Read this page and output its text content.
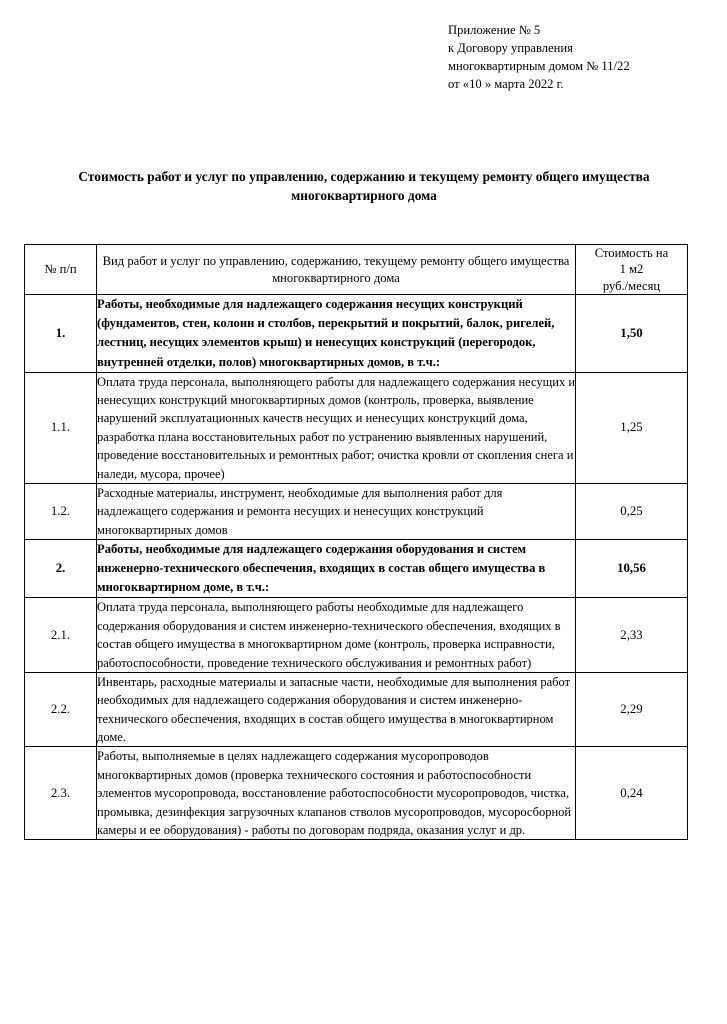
Приложение № 5
к Договору управления
многоквартирным домом № 11/22
от «10 » марта 2022 г.
Стоимость работ и услуг по управлению, содержанию и текущему ремонту общего имущества многоквартирного дома
№ п/п	Вид работ и услуг по управлению, содержанию, текущему ремонту общего имущества многоквартирного дома	Стоимость на
1 м2
руб./месяц

1.	Работы, необходимые для надлежащего содержания несущих конструкций (фундаментов, стен, колонн и столбов, перекрытий и покрытий, балок, ригелей, лестниц, несущих элементов крыш) и ненесущих конструкций (перегородок, внутренней отделки, полов) многоквартирных домов, в т.ч.:	1,50
1.1.	Оплата труда персонала, выполняющего работы для надлежащего содержания несущих и ненесущих конструкций многоквартирных домов (контроль, проверка, выявление нарушений эксплуатационных качеств несущих и ненесущих конструкций дома, разработка плана восстановительных работ по устранению выявленных нарушений, проведение восстановительных и ремонтных работ; очистка кровли от скопления снега и наледи, мусора, прочее)	1,25
1.2.	Расходные материалы, инструмент, необходимые для выполнения работ для надлежащего содержания и ремонта несущих и ненесущих конструкций многоквартирных домов	0,25
2.	Работы, необходимые для надлежащего содержания оборудования и систем инженерно-технического обеспечения, входящих в состав общего имущества в многоквартирном доме, в т.ч.:	10,56
2.1.	Оплата труда персонала, выполняющего работы необходимые для надлежащего содержания оборудования и систем инженерно-технического обеспечения, входящих в состав общего имущества в многоквартирном доме (контроль, проверка исправности, работоспособности, проведение технического обслуживания и ремонтных работ)	2,33
2.2.	Инвентарь, расходные материалы и запасные части, необходимые для выполнения работ необходимых для надлежащего содержания оборудования и систем инженерно-технического обеспечения, входящих в состав общего имущества в многоквартирном доме.	2,29
2.3.	Работы, выполняемые в целях надлежащего содержания мусоропроводов многоквартирных домов (проверка технического состояния и работоспособности элементов мусоропровода, восстановление работоспособности мусоропроводов, чистка, промывка, дезинфекция загрузочных клапанов стволов мусоропроводов, мусоросборной камеры и ее оборудования) - работы по договорам подряда, оказания услуг и др.	0,24
